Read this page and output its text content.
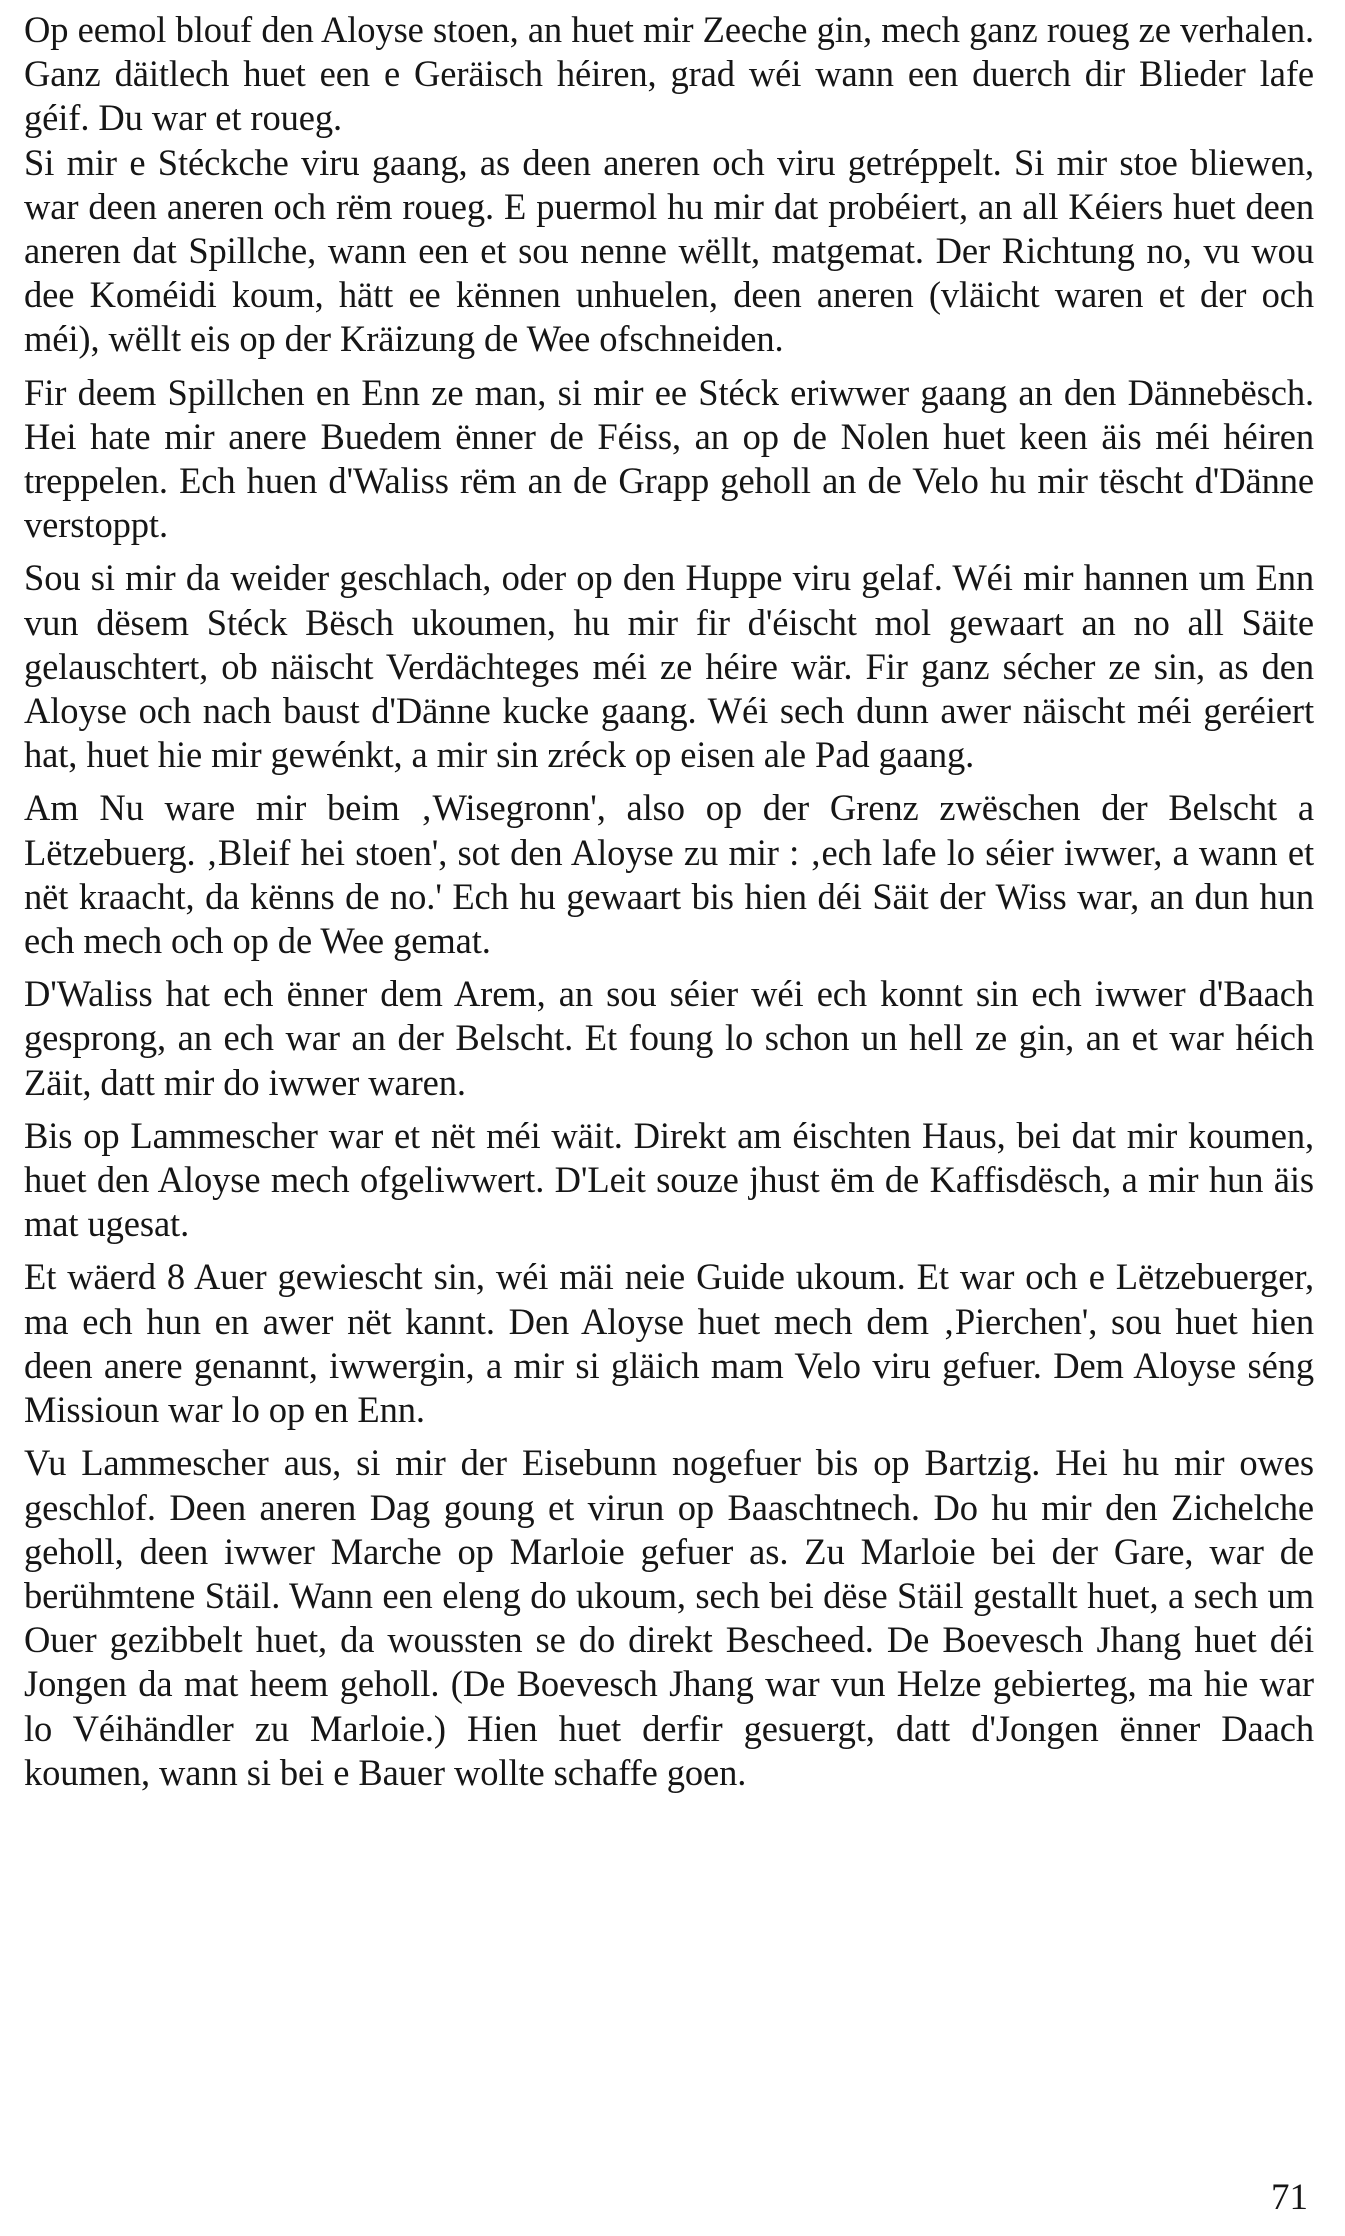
Op eemol blouf den Aloyse stoen, an huet mir Zeeche gin, mech ganz roueg ze verhalen. Ganz däitlech huet een e Geräisch héiren, grad wéi wann een duerch dir Blieder lafe géif. Du war et roueg.

Si mir e Stéckche viru gaang, as deen aneren och viru getréppelt. Si mir stoe bliewen, war deen aneren och rëm roueg. E puermol hu mir dat probéiert, an all Kéiers huet deen aneren dat Spillche, wann een et sou nenne wëllt, matgemat. Der Richtung no, vu wou dee Koméidi koum, hätt ee kënnen unhuelen, deen aneren (vläicht waren et der och méi), wëllt eis op der Kräizung de Wee ofschneiden.

Fir deem Spillchen en Enn ze man, si mir ee Stéck eriwwer gaang an den Dännebësch. Hei hate mir anere Buedem ënner de Féiss, an op de Nolen huet keen äis méi héiren treppelen. Ech huen d'Waliss rëm an de Grapp geholl an de Velo hu mir tëscht d'Dänne verstoppt.

Sou si mir da weider geschlach, oder op den Huppe viru gelaf. Wéi mir hannen um Enn vun dësem Stéck Bësch ukoumen, hu mir fir d'éischt mol gewaart an no all Säite gelauschtert, ob näischt Verdächteges méi ze héire wär. Fir ganz sécher ze sin, as den Aloyse och nach baust d'Dänne kucke gaang. Wéi sech dunn awer näischt méi geréiert hat, huet hie mir gewénkt, a mir sin zréck op eisen ale Pad gaang.

Am Nu ware mir beim ‚Wisegronn', also op der Grenz zwëschen der Belscht a Lëtzebuerg. ‚Bleif hei stoen', sot den Aloyse zu mir : ‚ech lafe lo séier iwwer, a wann et nët kraacht, da kënns de no.' Ech hu gewaart bis hien déi Säit der Wiss war, an dun hun ech mech och op de Wee gemat.

D'Waliss hat ech ënner dem Arem, an sou séier wéi ech konnt sin ech iwwer d'Baach gesprong, an ech war an der Belscht. Et foung lo schon un hell ze gin, an et war héich Zäit, datt mir do iwwer waren.

Bis op Lammescher war et nët méi wäit. Direkt am éischten Haus, bei dat mir koumen, huet den Aloyse mech ofgeliwwert. D'Leit souze jhust ëm de Kaffisdësch, a mir hun äis mat ugesat.

Et wäerd 8 Auer gewiescht sin, wéi mäi neie Guide ukoum. Et war och e Lëtzebuerger, ma ech hun en awer nët kannt. Den Aloyse huet mech dem ‚Pierchen', sou huet hien deen anere genannt, iwwergin, a mir si gläich mam Velo viru gefuer. Dem Aloyse séng Missioun war lo op en Enn.

Vu Lammescher aus, si mir der Eisebunn nogefuer bis op Bartzig. Hei hu mir owes geschlof. Deen aneren Dag goung et virun op Baaschtnech. Do hu mir den Zichelche geholl, deen iwwer Marche op Marloie gefuer as. Zu Marloie bei der Gare, war de berühmtene Stäil. Wann een eleng do ukoum, sech bei dëse Stäil gestallt huet, a sech um Ouer gezibbelt huet, da woussten se do direkt Bescheed. De Boevesch Jhang huet déi Jongen da mat heem geholl. (De Boevesch Jhang war vun Helze gebierteg, ma hie war lo Véihändler zu Marloie.) Hien huet derfir gesuergt, datt d'Jongen ënner Daach koumen, wann si bei e Bauer wollte schaffe goen.

71
